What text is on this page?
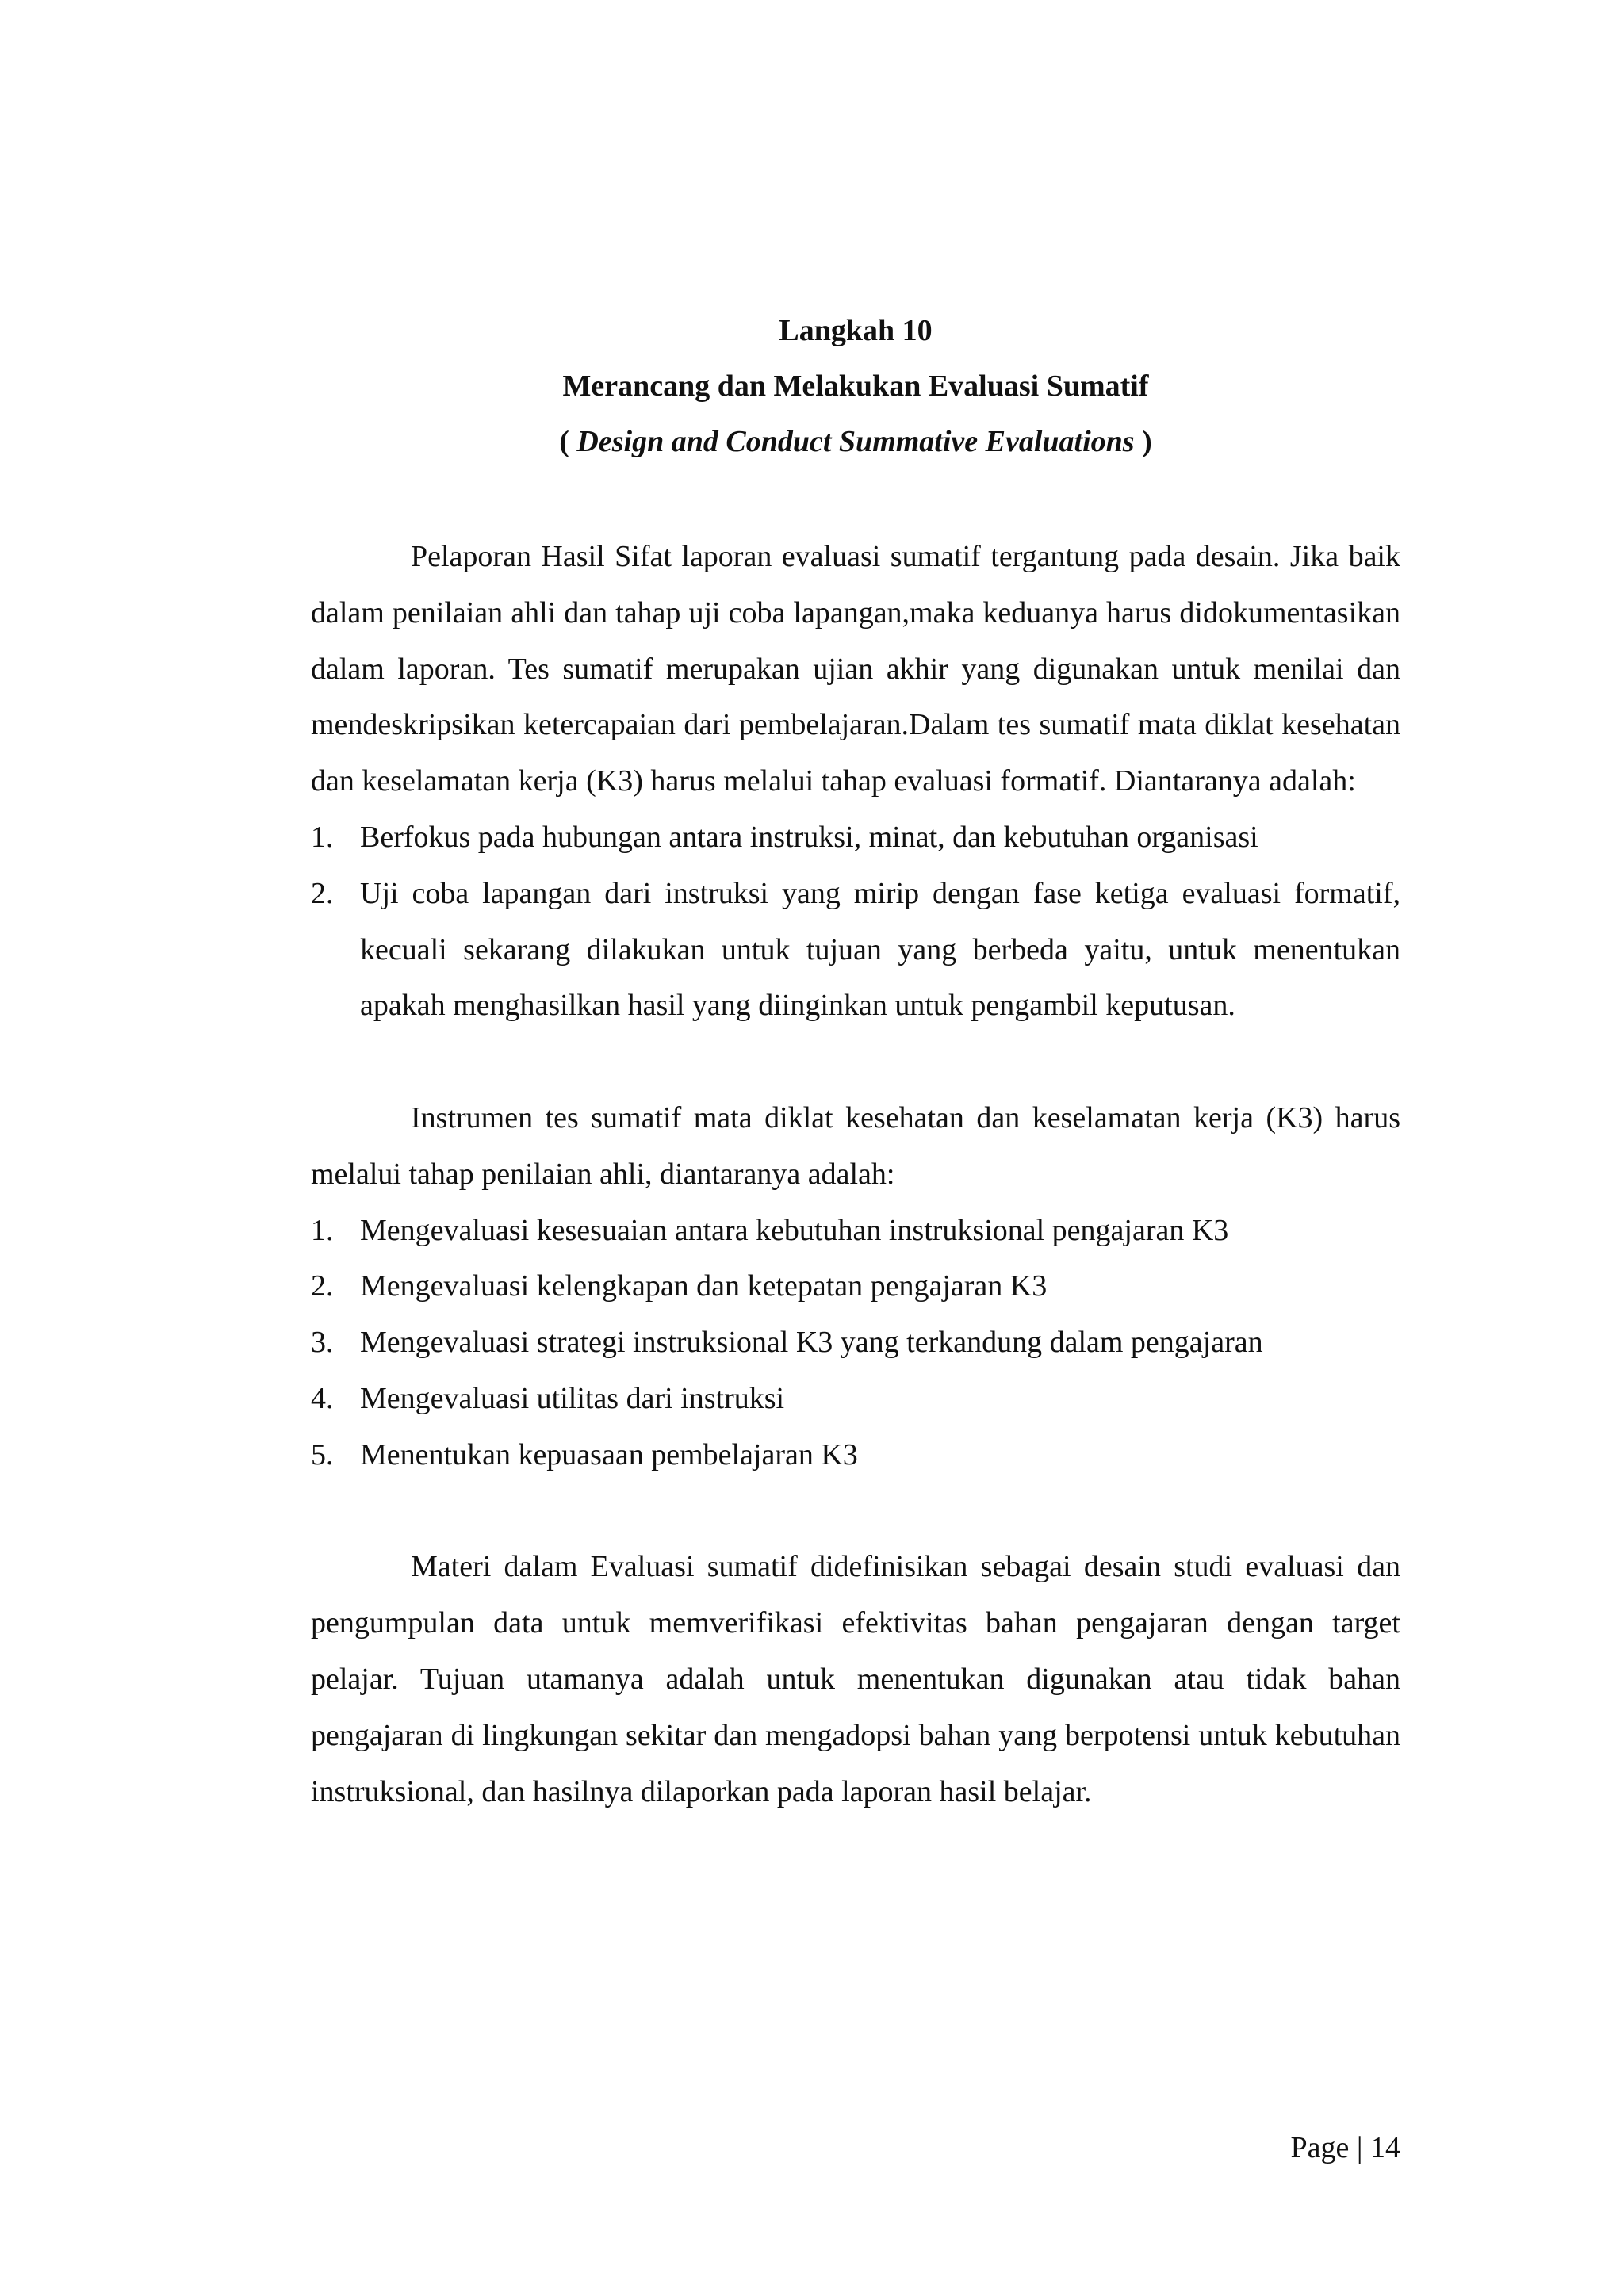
Langkah 10
Merancang dan Melakukan Evaluasi Sumatif
( Design and Conduct Summative Evaluations )

Pelaporan Hasil Sifat laporan evaluasi sumatif tergantung pada desain. Jika baik dalam penilaian ahli dan tahap uji coba lapangan,maka keduanya harus didokumentasikan dalam laporan. Tes sumatif merupakan ujian akhir yang digunakan untuk menilai dan mendeskripsikan ketercapaian dari pembelajaran.Dalam tes sumatif mata diklat kesehatan dan keselamatan kerja (K3) harus melalui tahap evaluasi formatif. Diantaranya adalah:

1. Berfokus pada hubungan antara instruksi, minat, dan kebutuhan organisasi
2. Uji coba lapangan dari instruksi yang mirip dengan fase ketiga evaluasi formatif, kecuali sekarang dilakukan untuk tujuan yang berbeda yaitu, untuk menentukan apakah menghasilkan hasil yang diinginkan untuk pengambil keputusan.

Instrumen tes sumatif mata diklat kesehatan dan keselamatan kerja (K3) harus melalui tahap penilaian ahli, diantaranya adalah:

1. Mengevaluasi kesesuaian antara kebutuhan instruksional pengajaran K3
2. Mengevaluasi kelengkapan dan ketepatan pengajaran K3
3. Mengevaluasi strategi instruksional K3 yang terkandung dalam pengajaran
4. Mengevaluasi utilitas dari instruksi
5. Menentukan kepuasaan pembelajaran K3

Materi dalam Evaluasi sumatif didefinisikan sebagai desain studi evaluasi dan pengumpulan data untuk memverifikasi efektivitas bahan pengajaran dengan target pelajar. Tujuan utamanya adalah untuk menentukan digunakan atau tidak bahan pengajaran di lingkungan sekitar dan mengadopsi bahan yang berpotensi untuk kebutuhan instruksional, dan hasilnya dilaporkan pada laporan hasil belajar.

Page | 14
